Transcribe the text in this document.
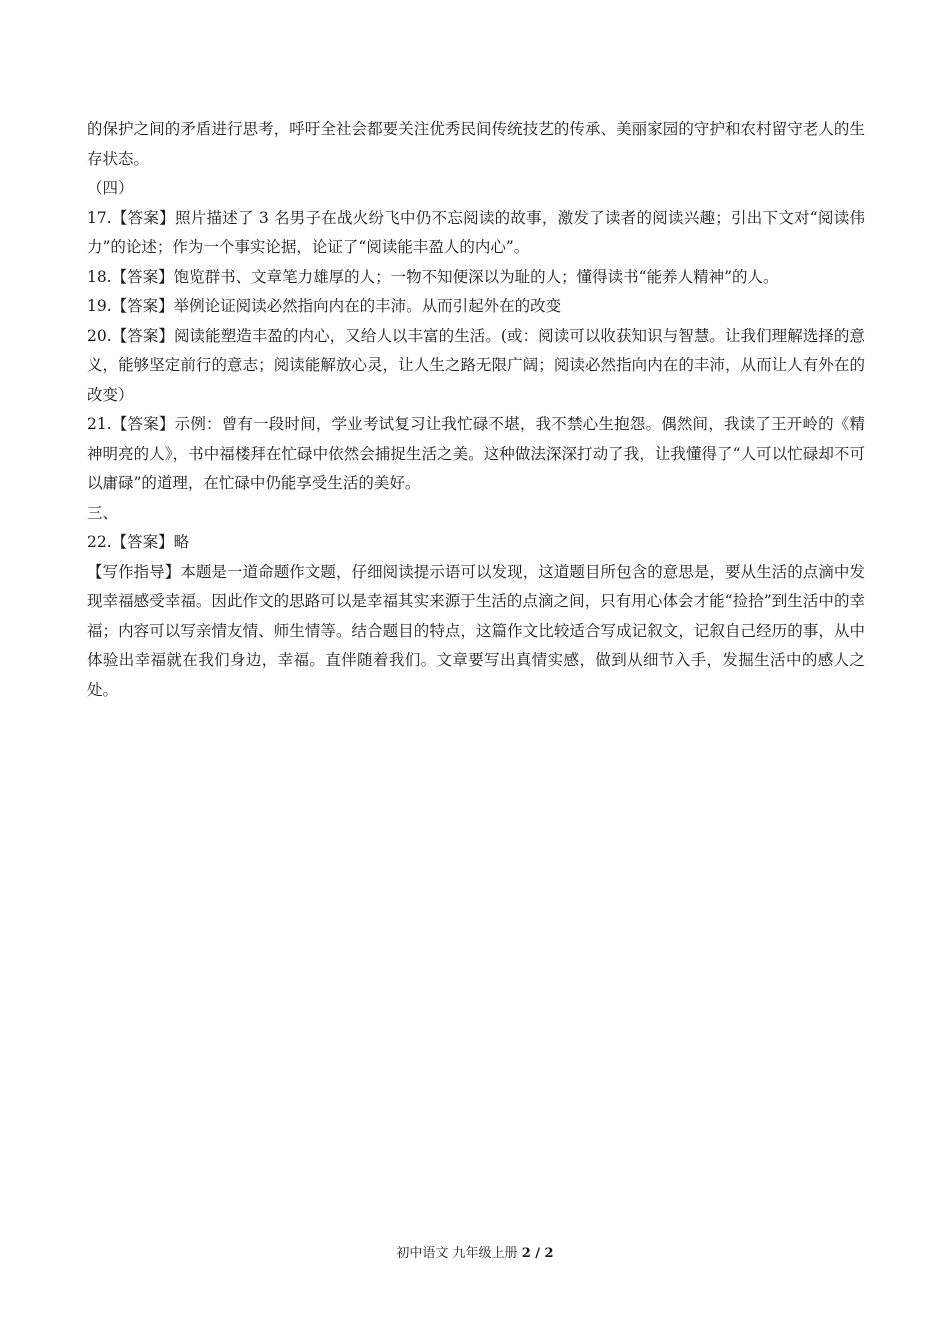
的保护之间的矛盾进行思考，呼吁全社会都要关注优秀民间传统技艺的传承、美丽家园的守护和农村留守老人的生存状态。

（四）

17.【答案】照片描述了 3 名男子在战火纷飞中仍不忘阅读的故事，激发了读者的阅读兴趣；引出下文对“阅读伟力”的论述；作为一个事实论据，论证了“阅读能丰盈人的内心”。

18.【答案】饱览群书、文章笔力雄厚的人；一物不知便深以为耻的人；懂得读书“能养人精神”的人。

19.【答案】举例论证阅读必然指向内在的丰沛。从而引起外在的改变

20.【答案】阅读能塑造丰盈的内心，又给人以丰富的生活。(或：阅读可以收获知识与智慧。让我们理解选择的意义，能够坚定前行的意志；阅读能解放心灵，让人生之路无限广阔；阅读必然指向内在的丰沛，从而让人有外在的改变）

21.【答案】示例：曾有一段时间，学业考试复习让我忙碌不堪，我不禁心生抱怨。偶然间，我读了王开岭的《精神明亮的人》，书中福楼拜在忙碌中依然会捕捉生活之美。这种做法深深打动了我，让我懂得了“人可以忙碌却不可以庸碌”的道理，在忙碌中仍能享受生活的美好。

三、

22.【答案】略

【写作指导】本题是一道命题作文题，仔细阅读提示语可以发现，这道题目所包含的意思是，要从生活的点滴中发现幸福感受幸福。因此作文的思路可以是幸福其实来源于生活的点滴之间，只有用心体会才能“捡拾”到生活中的幸福；内容可以写亲情友情、师生情等。结合题目的特点，这篇作文比较适合写成记叙文，记叙自己经历的事，从中体验出幸福就在我们身边，幸福。直伴随着我们。文章要写出真情实感，做到从细节入手，发掘生活中的感人之处。

初中语文 九年级上册 2 / 2
